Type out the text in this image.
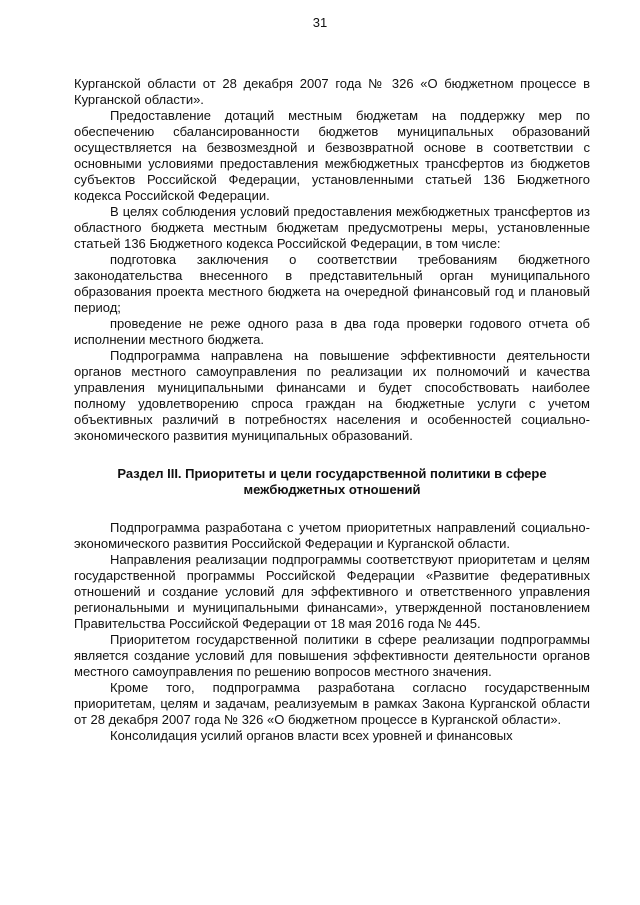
31

Курганской области от 28 декабря 2007 года № 326 «О бюджетном процессе в Курганской области».

Предоставление дотаций местным бюджетам на поддержку мер по обеспечению сбалансированности бюджетов муниципальных образований осуществляется на безвозмездной и безвозвратной основе в соответствии с основными условиями предоставления межбюджетных трансфертов из бюджетов субъектов Российской Федерации, установленными статьей 136 Бюджетного кодекса Российской Федерации.

В целях соблюдения условий предоставления межбюджетных трансфертов из областного бюджета местным бюджетам предусмотрены меры, установленные статьей 136 Бюджетного кодекса Российской Федерации, в том числе:

подготовка заключения о соответствии требованиям бюджетного законодательства внесенного в представительный орган муниципального образования проекта местного бюджета на очередной финансовый год и плановый период;

проведение не реже одного раза в два года проверки годового отчета об исполнении местного бюджета.

Подпрограмма направлена на повышение эффективности деятельности органов местного самоуправления по реализации их полномочий и качества управления муниципальными финансами и будет способствовать наиболее полному удовлетворению спроса граждан на бюджетные услуги с учетом объективных различий в потребностях населения и особенностей социально-экономического развития муниципальных образований.

Раздел III. Приоритеты и цели государственной политики в сфере межбюджетных отношений

Подпрограмма разработана с учетом приоритетных направлений социально-экономического развития Российской Федерации и Курганской области.

Направления реализации подпрограммы соответствуют приоритетам и целям государственной программы Российской Федерации «Развитие федеративных отношений и создание условий для эффективного и ответственного управления региональными и муниципальными финансами», утвержденной постановлением Правительства Российской Федерации от 18 мая 2016 года № 445.

Приоритетом государственной политики в сфере реализации подпрограммы является создание условий для повышения эффективности деятельности органов местного самоуправления по решению вопросов местного значения.

Кроме того, подпрограмма разработана согласно государственным приоритетам, целям и задачам, реализуемым в рамках Закона Курганской области от 28 декабря 2007 года № 326 «О бюджетном процессе в Курганской области».

Консолидация усилий органов власти всех уровней и финансовых
